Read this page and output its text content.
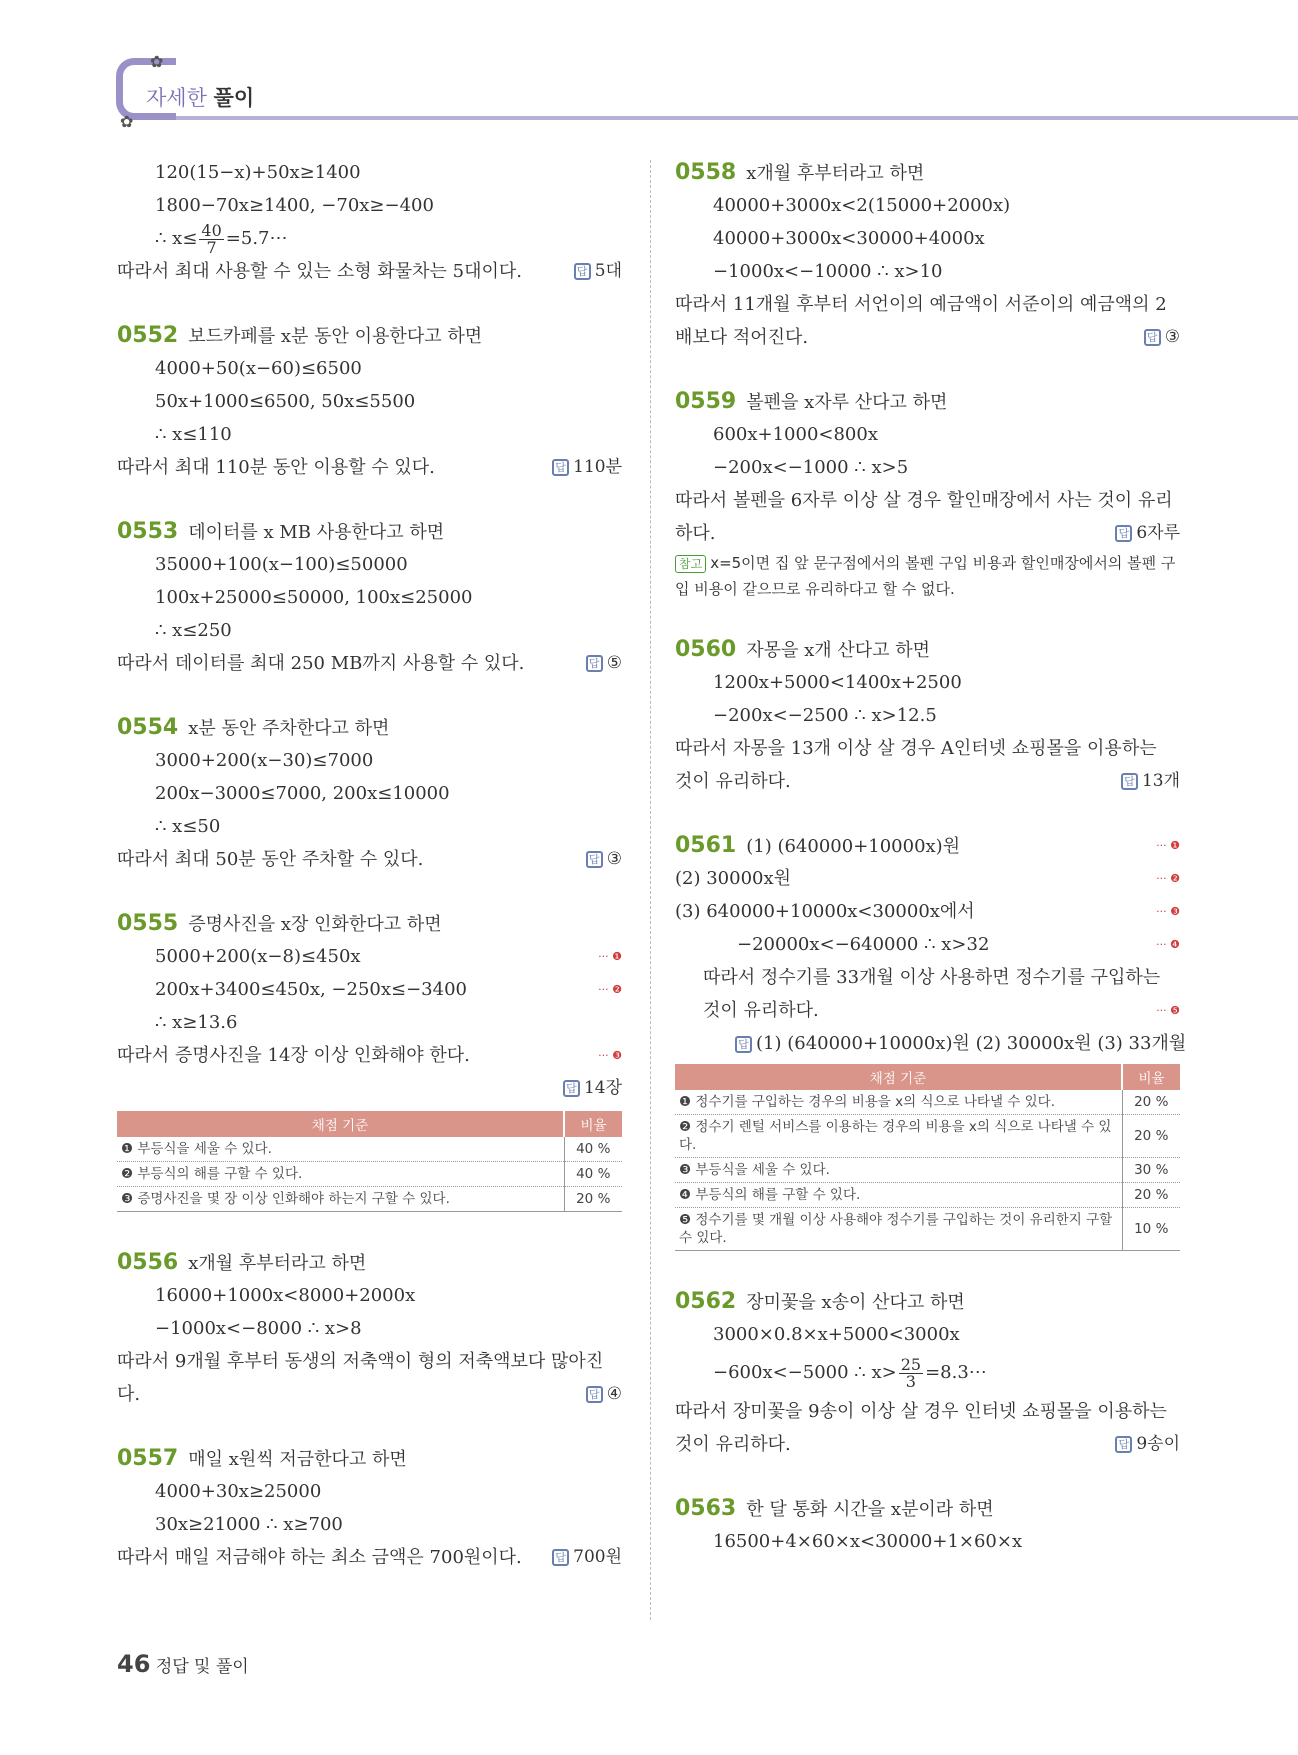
✿
✿
자세한 풀이
120(15−x)+50x≥1400
1800−70x≥1400, −70x≥−400
∴ $x\le \frac{40}{7}$ =5.7⋯
따라서 최대 사용할 수 있는 소형 화물차는 5대이다.	답 5대
0552 보드카페를 x분 동안 이용한다고 하면
4000+50(x−60)≤6500
50x+1000≤6500, 50x≤5500
∴ x≤110
따라서 최대 110분 동안 이용할 수 있다.	답 110분
0553 데이터를 x MB 사용한다고 하면
35000+100(x−100)≤50000
100x+25000≤50000, 100x≤25000
∴ x≤250
따라서 데이터를 최대 250 MB까지 사용할 수 있다.	답 ⑤
0554 x분 동안 주차한다고 하면
3000+200(x−30)≤7000
200x−3000≤7000, 200x≤10000
∴ x≤50
따라서 최대 50분 동안 주차할 수 있다.	답 ③
0555 증명사진을 x장 인화한다고 하면
5000+200(x−8)≤450x	··· ❶
200x+3400≤450x, −250x≤−3400	··· ❷
∴ x≥13.6
따라서 증명사진을 14장 이상 인화해야 한다.	··· ❸
답 14장
채점 기준	비율
❶ 부등식을 세울 수 있다.	40 %
❷ 부등식의 해를 구할 수 있다.	40 %
❸ 증명사진을 몇 장 이상 인화해야 하는지 구할 수 있다.	20 %
0556 x개월 후부터라고 하면
16000+1000x<8000+2000x
−1000x<−8000 ∴ x>8
따라서 9개월 후부터 동생의 저축액이 형의 저축액보다 많아진
다.	답 ④
0557 매일 x원씩 저금한다고 하면
4000+30x≥25000
30x≥21000 ∴ x≥700
따라서 매일 저금해야 하는 최소 금액은 700원이다.	답 700원
0558 x개월 후부터라고 하면
40000+3000x<2(15000+2000x)
40000+3000x<30000+4000x
−1000x<−10000 ∴ x>10
따라서 11개월 후부터 서언이의 예금액이 서준이의 예금액의 2
배보다 적어진다.	답 ③
0559 볼펜을 x자루 산다고 하면
600x+1000<800x
−200x<−1000 ∴ x>5
따라서 볼펜을 6자루 이상 살 경우 할인매장에서 사는 것이 유리
하다.	답 6자루
참고 x=5이면 집 앞 문구점에서의 볼펜 구입 비용과 할인매장에서의 볼펜 구입 비용이 같으므로 유리하다고 할 수 없다.
0560 자몽을 x개 산다고 하면
1200x+5000<1400x+2500
−200x<−2500 ∴ x>12.5
따라서 자몽을 13개 이상 살 경우 A인터넷 쇼핑몰을 이용하는
것이 유리하다.	답 13개
0561 (1) (640000+10000x)원	··· ❶
(2) 30000x원	··· ❷
(3) 640000+10000x<30000x에서	··· ❸
−20000x<−640000 ∴ x>32	··· ❹
따라서 정수기를 33개월 이상 사용하면 정수기를 구입하는
것이 유리하다.	··· ❺
답 (1) (640000+10000x)원 (2) 30000x원 (3) 33개월
채점 기준	비율
❶ 정수기를 구입하는 경우의 비용을 x의 식으로 나타낼 수 있다.	20 %
❷ 정수기 렌털 서비스를 이용하는 경우의 비용을 x의 식으로 나타낼 수 있다.	20 %
❸ 부등식을 세울 수 있다.	30 %
❹ 부등식의 해를 구할 수 있다.	20 %
❺ 정수기를 몇 개월 이상 사용해야 정수기를 구입하는 것이 유리한지 구할 수 있다.	10 %
0562 장미꽃을 x송이 산다고 하면
3000×0.8×x+5000<3000x
−600x<−5000 ∴ $x> \frac{25}{3}$ =8.3⋯
따라서 장미꽃을 9송이 이상 살 경우 인터넷 쇼핑몰을 이용하는
것이 유리하다.	답 9송이
0563 한 달 통화 시간을 x분이라 하면
16500+4×60×x<30000+1×60×x
46 정답 및 풀이
